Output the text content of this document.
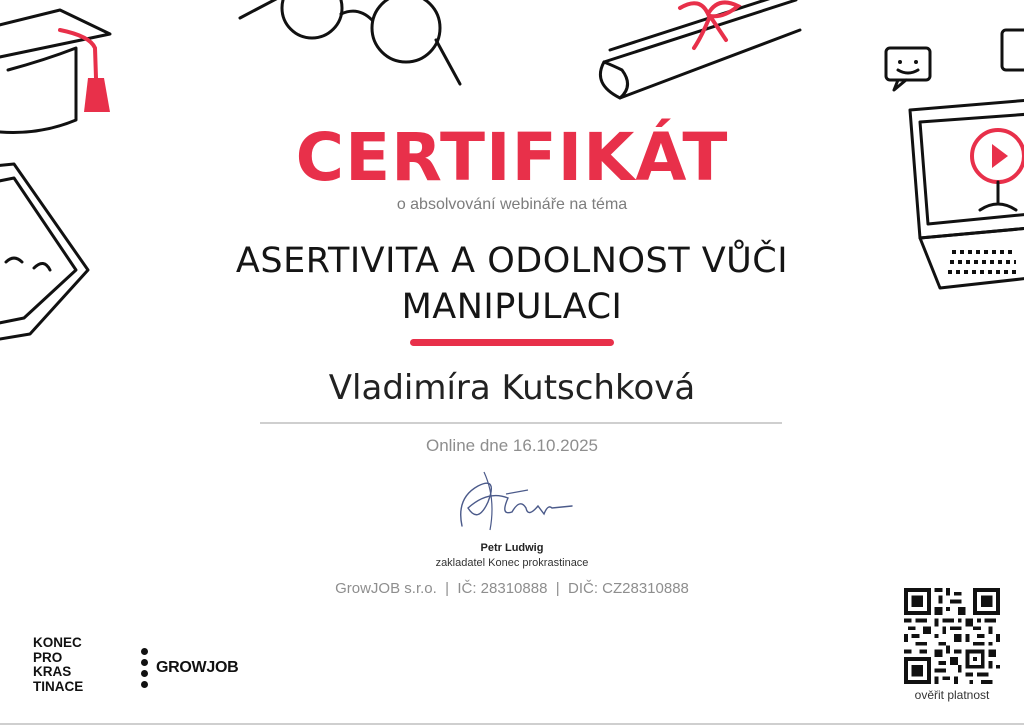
CERTIFIKÁT
o absolvování webináře na téma
ASERTIVITA A ODOLNOST VŮČI
MANIPULACI
Vladimíra Kutschková
Online dne 16.10.2025
Petr Ludwig
zakladatel Konec prokrastinace
GrowJOB s.r.o.  |  IČ: 28310888  |  DIČ: CZ28310888
KONEC
PRO
KRAS
TINACE
GROWJOB
ověřit platnost
